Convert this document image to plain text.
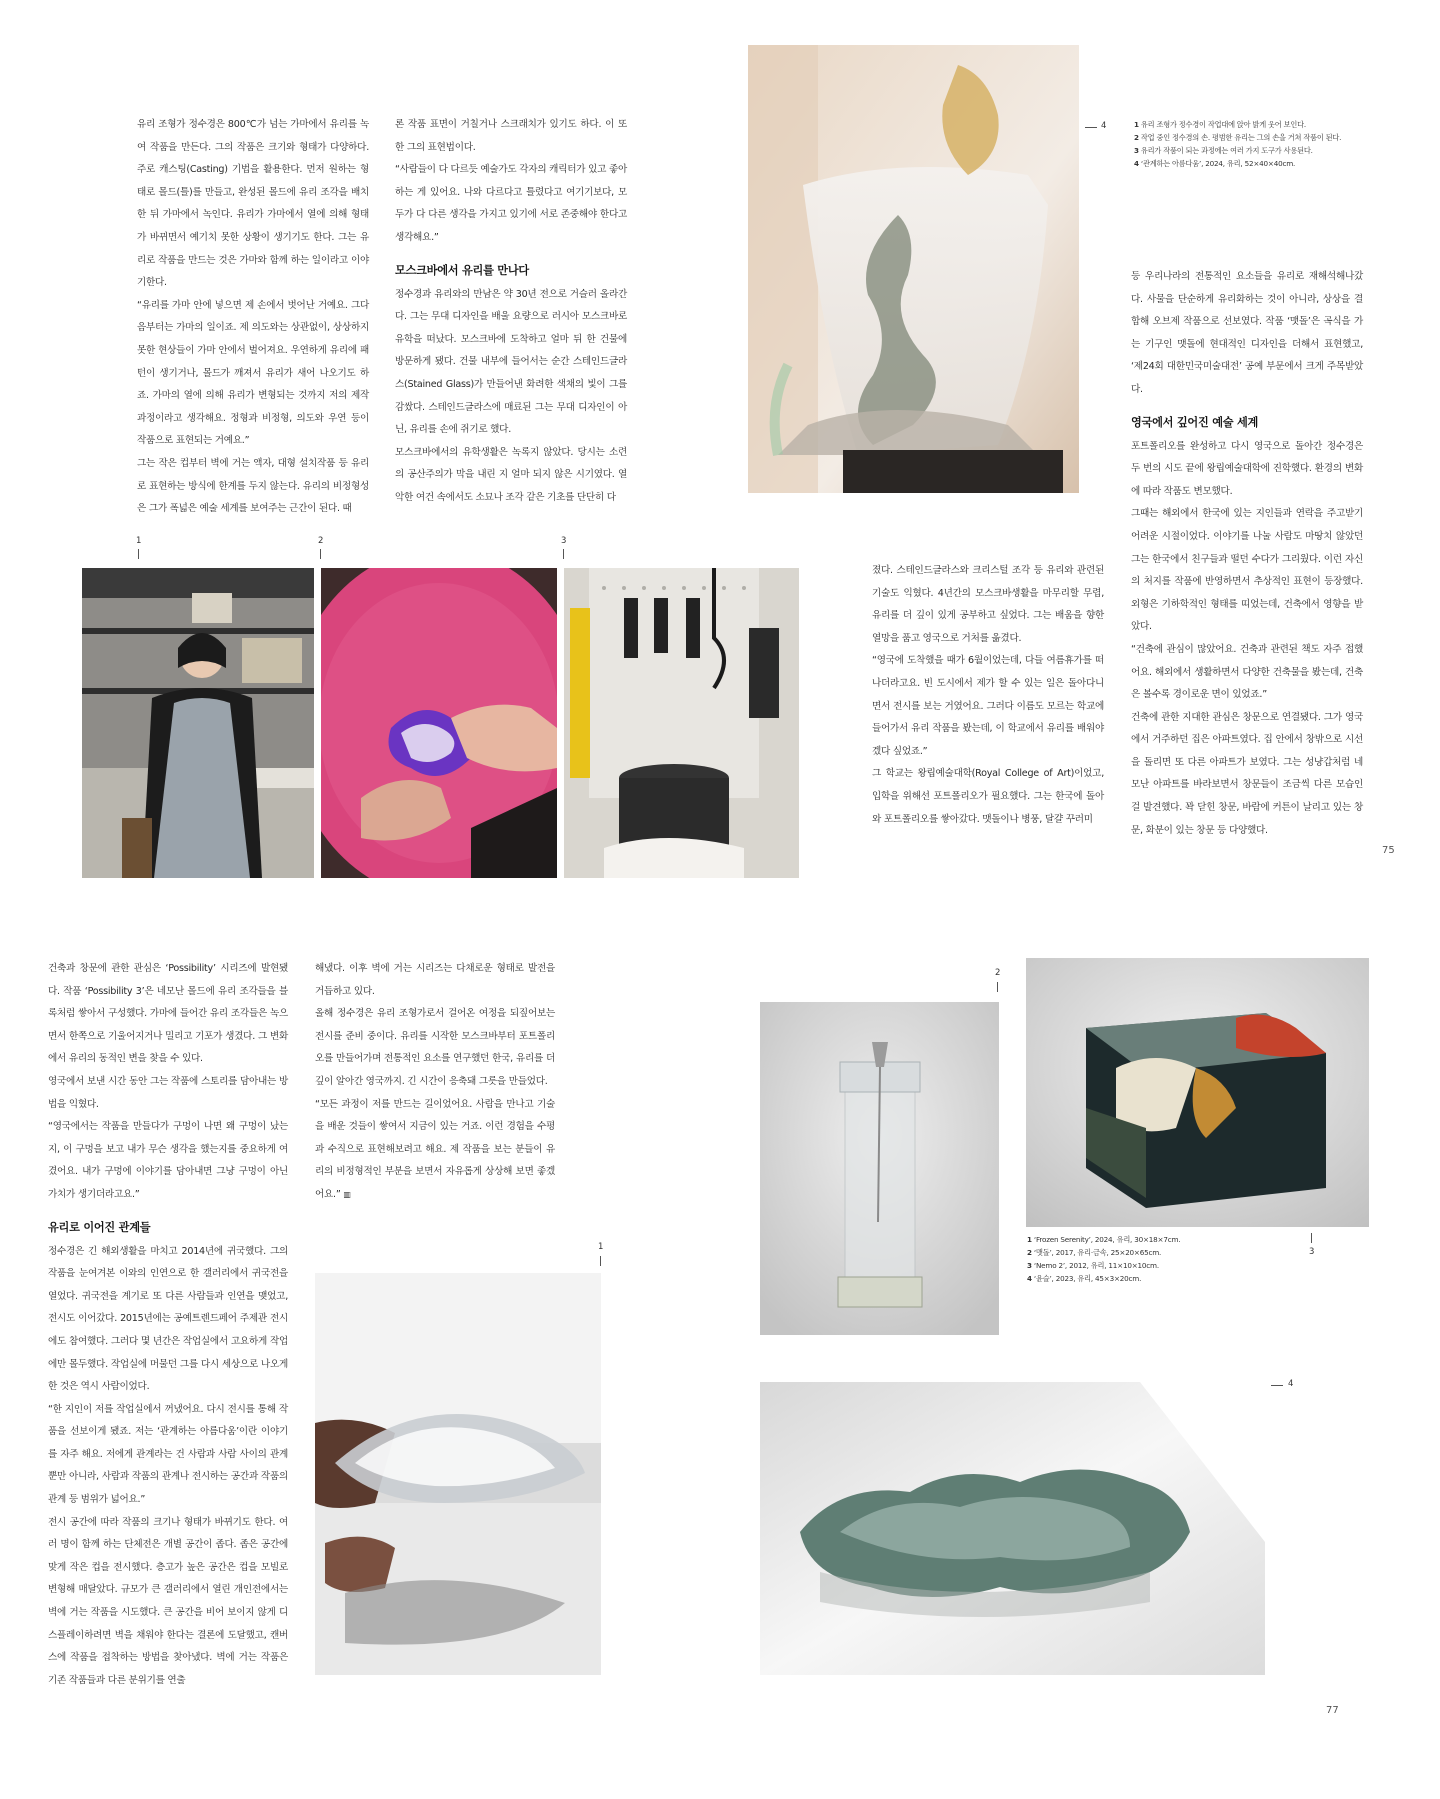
유리 조형가 정수경은 800℃가 넘는 가마에서 유리를 녹여 작품을 만든다. 그의 작품은 크기와 형태가 다양하다. 주로 캐스팅(Casting) 기법을 활용한다. 먼저 원하는 형태로 몰드(틀)를 만들고, 완성된 몰드에 유리 조각을 배치한 뒤 가마에서 녹인다. 유리가 가마에서 열에 의해 형태가 바뀌면서 예기치 못한 상황이 생기기도 한다. 그는 유리로 작품을 만드는 것은 가마와 함께 하는 일이라고 이야기한다.

“유리를 가마 안에 넣으면 제 손에서 벗어난 거예요. 그다음부터는 가마의 일이죠. 제 의도와는 상관없이, 상상하지 못한 현상들이 가마 안에서 벌어져요. 우연하게 유리에 패턴이 생기거나, 몰드가 깨져서 유리가 새어 나오기도 하죠. 가마의 열에 의해 유리가 변형되는 것까지 저의 제작 과정이라고 생각해요. 정형과 비정형, 의도와 우연 등이 작품으로 표현되는 거예요.”

그는 작은 컵부터 벽에 거는 액자, 대형 설치작품 등 유리로 표현하는 방식에 한계를 두지 않는다. 유리의 비정형성은 그가 폭넓은 예술 세계를 보여주는 근간이 된다. 때

론 작품 표면이 거칠거나 스크래치가 있기도 하다. 이 또한 그의 표현법이다.

“사람들이 다 다르듯 예술가도 각자의 캐릭터가 있고 좋아하는 게 있어요. 나와 다르다고 틀렸다고 여기기보다, 모두가 다 다른 생각을 가지고 있기에 서로 존중해야 한다고 생각해요.”

모스크바에서 유리를 만나다

정수경과 유리와의 만남은 약 30년 전으로 거슬러 올라간다. 그는 무대 디자인을 배울 요량으로 러시아 모스크바로 유학을 떠났다. 모스크바에 도착하고 얼마 뒤 한 건물에 방문하게 됐다. 건물 내부에 들어서는 순간 스테인드글라스(Stained Glass)가 만들어낸 화려한 색채의 빛이 그를 감쌌다. 스테인드글라스에 매료된 그는 무대 디자인이 아닌, 유리를 손에 쥐기로 했다.

모스크바에서의 유학생활은 녹록지 않았다. 당시는 소련의 공산주의가 막을 내린 지 얼마 되지 않은 시기였다. 열악한 여건 속에서도 소묘나 조각 같은 기초를 단단히 다

4	1 유리 조형가 정수경이 작업대에 앉아 밝게 웃어 보인다.
2 작업 중인 정수경의 손. 평범한 유리는 그의 손을 거쳐 작품이 된다.
3 유리가 작품이 되는 과정에는 여러 가지 도구가 사용된다.
4 ‘관계하는 아름다움’, 2024, 유리, 52×40×40cm.

등 우리나라의 전통적인 요소들을 유리로 재해석해나갔다. 사물을 단순하게 유리화하는 것이 아니라, 상상을 결합해 오브제 작품으로 선보였다. 작품 ‘맷돌’은 곡식을 가는 기구인 맷돌에 현대적인 디자인을 더해서 표현했고, ‘제24회 대한민국미술대전’ 공예 부문에서 크게 주목받았다.

영국에서 깊어진 예술 세계

포트폴리오를 완성하고 다시 영국으로 돌아간 정수경은 두 번의 시도 끝에 왕립예술대학에 진학했다. 환경의 변화에 따라 작품도 변모했다.

그때는 해외에서 한국에 있는 지인들과 연락을 주고받기 어려운 시절이었다. 이야기를 나눌 사람도 마땅치 않았던 그는 한국에서 친구들과 떨던 수다가 그리웠다. 이런 자신의 처지를 작품에 반영하면서 추상적인 표현이 등장했다. 외형은 기하학적인 형태를 띠었는데, 건축에서 영향을 받았다.

“건축에 관심이 많았어요. 건축과 관련된 책도 자주 접했어요. 해외에서 생활하면서 다양한 건축물을 봤는데, 건축은 볼수록 경이로운 면이 있었죠.”

건축에 관한 지대한 관심은 창문으로 연결됐다. 그가 영국에서 거주하던 집은 아파트였다. 집 안에서 창밖으로 시선을 돌리면 또 다른 아파트가 보였다. 그는 성냥갑처럼 네모난 아파트를 바라보면서 창문들이 조금씩 다른 모습인 걸 발견했다. 꽉 닫힌 창문, 바람에 커튼이 날리고 있는 창문, 화분이 있는 창문 등 다양했다.

졌다. 스테인드글라스와 크리스털 조각 등 유리와 관련된 기술도 익혔다. 4년간의 모스크바생활을 마무리할 무렵, 유리를 더 깊이 있게 공부하고 싶었다. 그는 배움을 향한 열망을 품고 영국으로 거처를 옮겼다.

“영국에 도착했을 때가 6월이었는데, 다들 여름휴가를 떠나더라고요. 빈 도시에서 제가 할 수 있는 일은 돌아다니면서 전시를 보는 거였어요. 그러다 이름도 모르는 학교에 들어가서 유리 작품을 봤는데, 이 학교에서 유리를 배워야겠다 싶었죠.”

그 학교는 왕립예술대학(Royal College of Art)이었고, 입학을 위해선 포트폴리오가 필요했다. 그는 한국에 돌아와 포트폴리오를 쌓아갔다. 맷돌이나 병풍, 달걀 꾸러미

1	2	3
75

건축과 창문에 관한 관심은 ‘Possibility’ 시리즈에 발현됐다. 작품 ‘Possibility 3’은 네모난 몰드에 유리 조각들을 블록처럼 쌓아서 구성했다. 가마에 들어간 유리 조각들은 녹으면서 한쪽으로 기울어지거나 밀리고 기포가 생겼다. 그 변화에서 유리의 동적인 변을 찾을 수 있다.

영국에서 보낸 시간 동안 그는 작품에 스토리를 담아내는 방법을 익혔다.

“영국에서는 작품을 만들다가 구멍이 나면 왜 구멍이 났는지, 이 구멍을 보고 내가 무슨 생각을 했는지를 중요하게 여겼어요. 내가 구멍에 이야기를 담아내면 그냥 구멍이 아닌 가치가 생기더라고요.”

유리로 이어진 관계들

정수경은 긴 해외생활을 마치고 2014년에 귀국했다. 그의 작품을 눈여겨본 이와의 인연으로 한 갤러리에서 귀국전을 열었다. 귀국전을 계기로 또 다른 사람들과 인연을 맺었고, 전시도 이어갔다. 2015년에는 공예트렌드페어 주제관 전시에도 참여했다. 그러다 몇 년간은 작업실에서 고요하게 작업에만 몰두했다. 작업실에 머물던 그를 다시 세상으로 나오게 한 것은 역시 사람이었다.

“한 지인이 저를 작업실에서 꺼냈어요. 다시 전시를 통해 작품을 선보이게 됐죠. 저는 ‘관계하는 아름다움’이란 이야기를 자주 해요. 저에게 관계라는 건 사람과 사람 사이의 관계뿐만 아니라, 사람과 작품의 관계나 전시하는 공간과 작품의 관계 등 범위가 넓어요.”

전시 공간에 따라 작품의 크기나 형태가 바뀌기도 한다. 여러 명이 함께 하는 단체전은 개별 공간이 좁다. 좁은 공간에 맞게 작은 컵을 전시했다. 층고가 높은 공간은 컵을 모빌로 변형해 매달았다. 규모가 큰 갤러리에서 열린 개인전에서는 벽에 거는 작품을 시도했다. 큰 공간을 비어 보이지 않게 디스플레이하려면 벽을 채워야 한다는 결론에 도달했고, 캔버스에 작품을 접착하는 방법을 찾아냈다. 벽에 거는 작품은 기존 작품들과 다른 분위기를 연출

해냈다. 이후 벽에 거는 시리즈는 다채로운 형태로 발전을 거듭하고 있다.

올해 정수경은 유리 조형가로서 걸어온 여정을 되짚어보는 전시를 준비 중이다. 유리를 시작한 모스크바부터 포트폴리오를 만들어가며 전통적인 요소를 연구했던 한국, 유리를 더 깊이 알아간 영국까지. 긴 시간이 응축돼 그릇을 만들었다.

“모든 과정이 저를 만드는 길이었어요. 사람을 만나고 기술을 배운 것들이 쌓여서 지금이 있는 거죠. 이런 경험을 수평과 수직으로 표현해보려고 해요. 제 작품을 보는 분들이 유리의 비정형적인 부분을 보면서 자유롭게 상상해 보면 좋겠어요.” ▥

1
2
3
1 ‘Frozen Serenity’, 2024, 유리, 30×18×7cm.
2 ‘맷돌’, 2017, 유리·금속, 25×20×65cm.
3 ‘Nemo 2’, 2012, 유리, 11×10×10cm.
4 ‘윤슬’, 2023, 유리, 45×3×20cm.
4
77
